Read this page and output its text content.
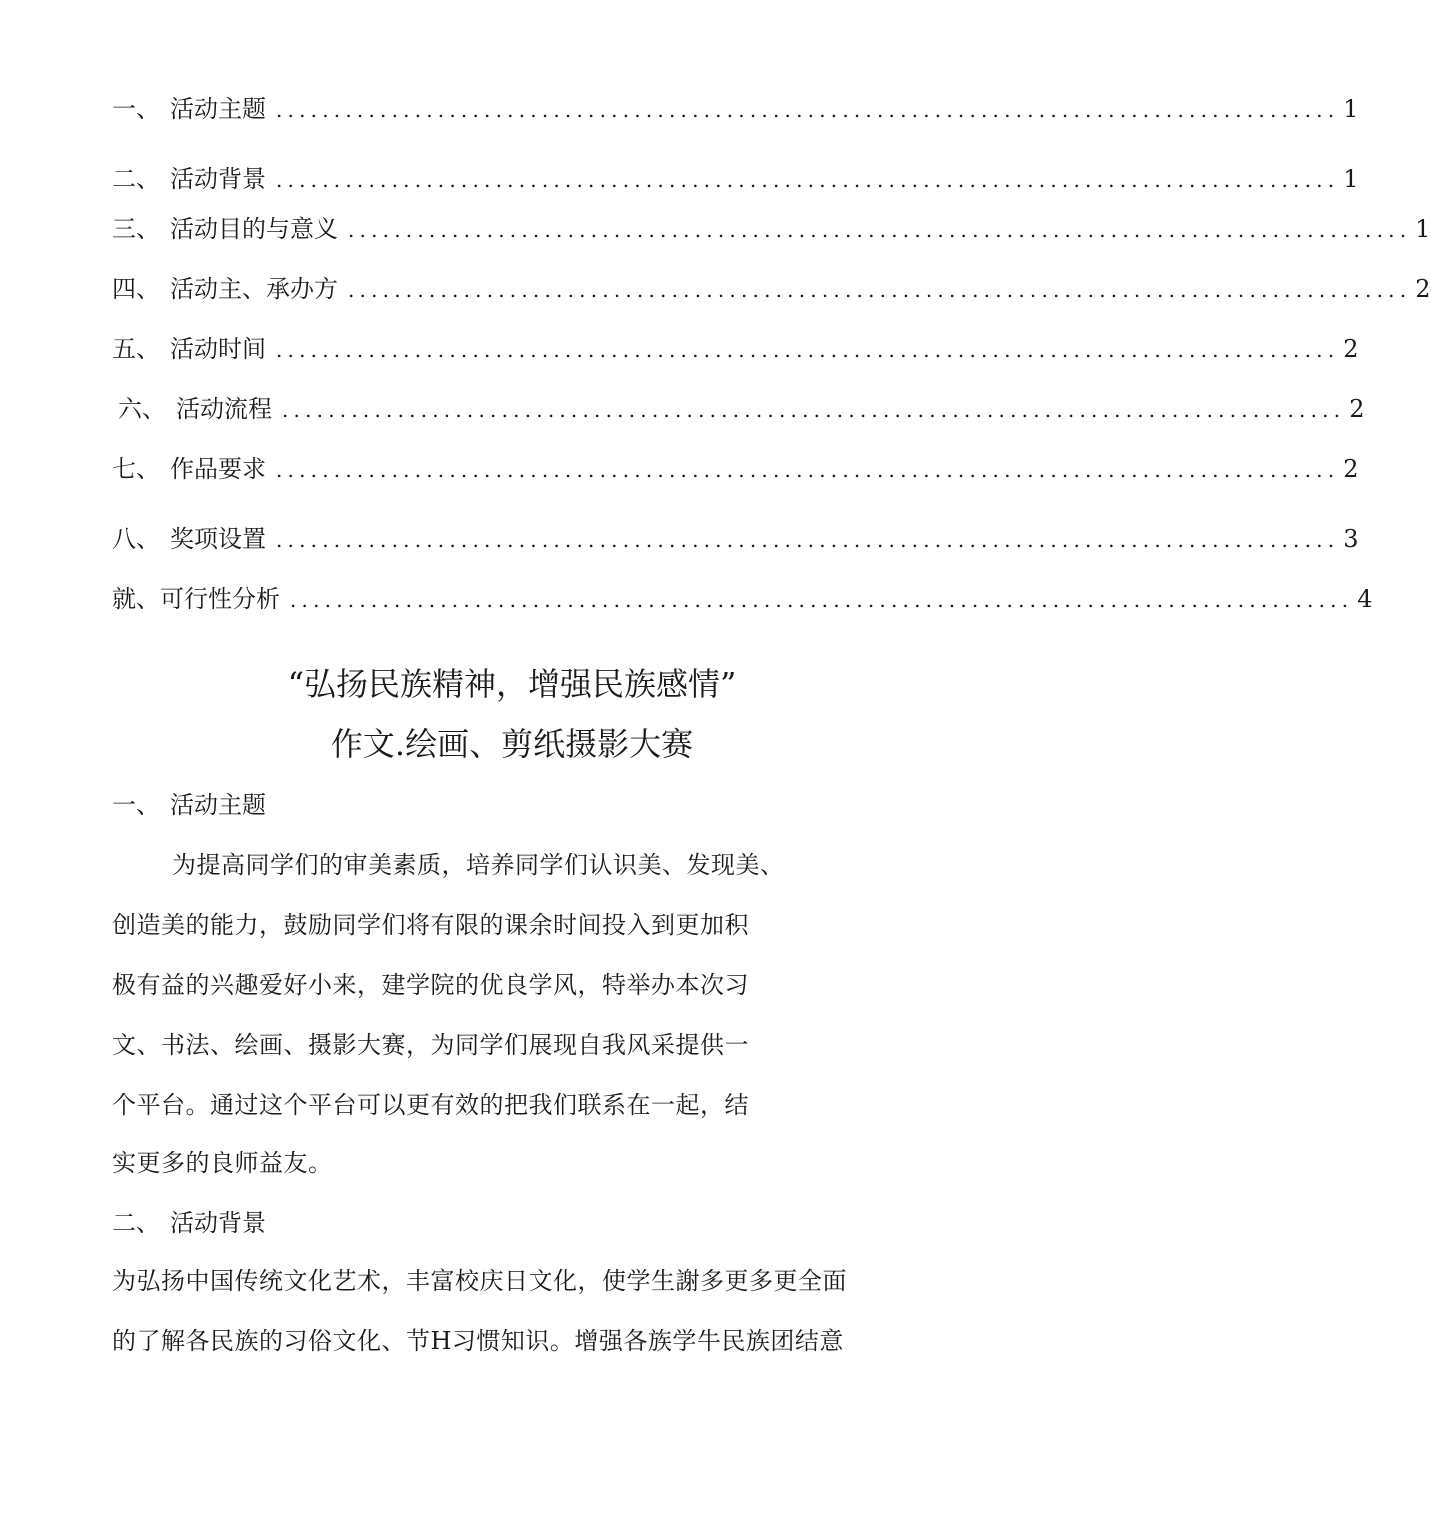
一、 活动主题 ............................................................................................ 1
二、 活动背景 ............................................................................................ 1
三、 活动目的与意义 ............................................................................................ 1
四、 活动主、承办方 ............................................................................................ 2
五、 活动时间 ............................................................................................ 2
六、 活动流程 ............................................................................................ 2
七、 作品要求 ............................................................................................ 2
八、 奖项设置 ............................................................................................ 3
就、可行性分析 ............................................................................................ 4
“弘扬民族精神，增强民族感情”
作文.绘画、剪纸摄影大赛
一、 活动主题
为提高同学们的审美素质，培养同学们认识美、发现美、
创造美的能力，鼓励同学们将有限的课余时间投入到更加积
极有益的兴趣爱好小来，建学院的优良学风，特举办本次习
文、书法、绘画、摄影大赛，为同学们展现自我风采提供一
个平台。通过这个平台可以更有效的把我们联系在一起，结
实更多的良师益友。
二、 活动背景
为弘扬中国传统文化艺术，丰富校庆日文化，使学生謝多更多更全面
的了解各民族的习俗文化、节H习惯知识。增强各族学牛民族团结意
